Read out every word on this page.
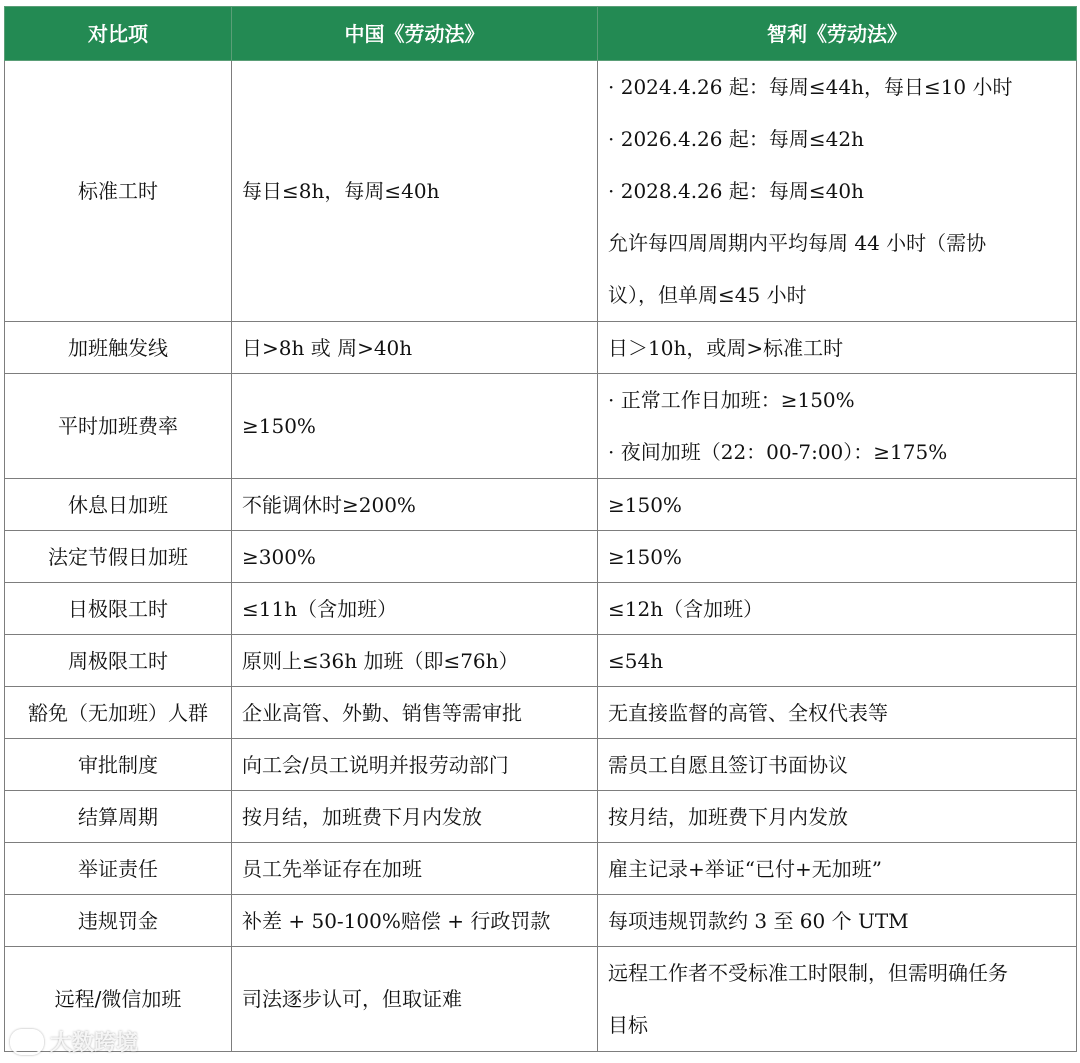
对比项	中国《劳动法》	智利《劳动法》
标准工时	每日≤8h，每周≤40h	· 2024.4.26 起：每周≤44h，每日≤10 小时
· 2026.4.26 起：每周≤42h
· 2028.4.26 起：每周≤40h
允许每四周周期内平均每周 44 小时（需协
议），但单周≤45 小时

加班触发线	日>8h 或 周>40h	日＞10h，或周>标准工时
平时加班费率	≥150%	· 正常工作日加班：≥150%
· 夜间加班（22：00-7:00）：≥175%

休息日加班	不能调休时≥200%	≥150%
法定节假日加班	≥300%	≥150%
日极限工时	≤11h（含加班）	≤12h（含加班）
周极限工时	原则上≤36h 加班（即≤76h）	≤54h
豁免（无加班）人群	企业高管、外勤、销售等需审批	无直接监督的高管、全权代表等
审批制度	向工会/员工说明并报劳动部门	需员工自愿且签订书面协议
结算周期	按月结，加班费下月内发放	按月结，加班费下月内发放
举证责任	员工先举证存在加班	雇主记录+举证“已付+无加班”
违规罚金	补差 + 50-100%赔偿 + 行政罚款	每项违规罚款约 3 至 60 个 UTM
远程/微信加班	司法逐步认可，但取证难	远程工作者不受标准工时限制，但需明确任务
目标
大数跨境
